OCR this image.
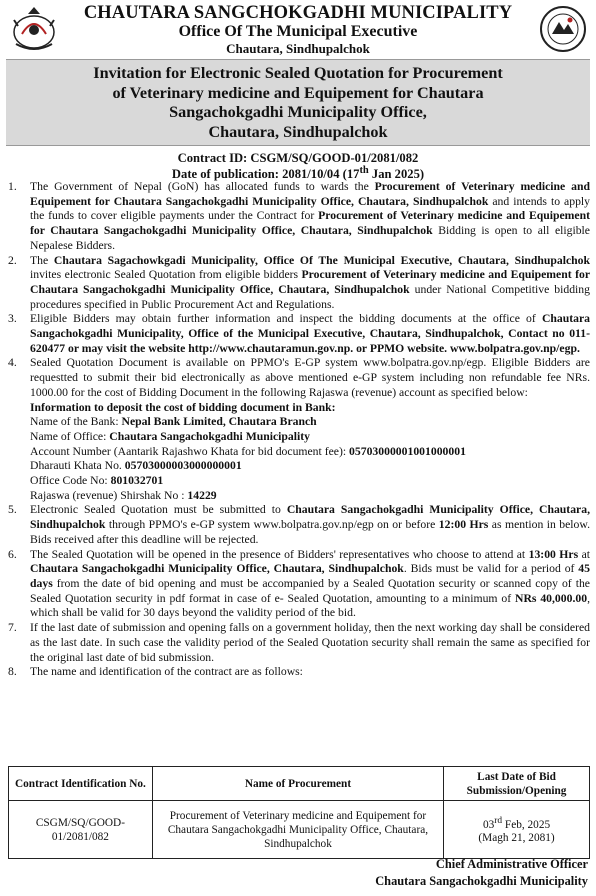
CHAUTARA SANGCHOKGADHI MUNICIPALITY
Office Of The Municipal Executive
Chautara, Sindhupalchok
Invitation for Electronic Sealed Quotation for Procurement
of Veterinary medicine and Equipement for Chautara
Sangachokgadhi Municipality Office,
Chautara, Sindhupalchok
Contract ID: CSGM/SQ/GOOD-01/2081/082
Date of publication: 2081/10/04 (17th Jan 2025)
1.	The Government of Nepal (GoN) has allocated funds to wards the Procurement of Veterinary medicine and Equipement for Chautara Sangachokgadhi Municipality Office, Chautara, Sindhupalchok and intends to apply the funds to cover eligible payments under the Contract for Procurement of Veterinary medicine and Equipement for Chautara Sangachokgadhi Municipality Office, Chautara, Sindhupalchok Bidding is open to all eligible Nepalese Bidders.
2.	The Chautara Sagachowkgadi Municipality, Office Of The Municipal Executive, Chautara, Sindhupalchok invites electronic Sealed Quotation from eligible bidders Procurement of Veterinary medicine and Equipement for Chautara Sangachokgadhi Municipality Office, Chautara, Sindhupalchok under National Competitive bidding procedures specified in Public Procurement Act and Regulations.
3.	Eligible Bidders may obtain further information and inspect the bidding documents at the office of Chautara Sangachokgadhi Municipality, Office of the Municipal Executive, Chautara, Sindhupalchok, Contact no 011-620477 or may visit the website http://www.chautaramun.gov.np. or PPMO website. www.bolpatra.gov.np/egp.
4.	Sealed Quotation Document is available on PPMO's E-GP system www.bolpatra.gov.np/egp. Eligible Bidders are requestted to submit their bid electronically as above mentioned e-GP system including non refundable fee NRs. 1000.00 for the cost of Bidding Document in the following Rajaswa (revenue) account as specified below:
Information to deposit the cost of bidding document in Bank:
Name of the Bank: Nepal Bank Limited, Chautara Branch
Name of Office: Chautara Sangachokgadhi Municipality
Account Number (Aantarik Rajashwo Khata for bid document fee): 05703000001001000001
Dharauti Khata No. 05703000003000000001
Office Code No: 801032701
Rajaswa (revenue) Shirshak No : 14229
5.	Electronic Sealed Quotation must be submitted to Chautara Sangachokgadhi Municipality Office, Chautara, Sindhupalchok through PPMO's e-GP system www.bolpatra.gov.np/egp on or before 12:00 Hrs as mention in below. Bids received after this deadline will be rejected.
6.	The Sealed Quotation will be opened in the presence of Bidders' representatives who choose to attend at 13:00 Hrs at Chautara Sangachokgadhi Municipality Office, Chautara, Sindhupalchok. Bids must be valid for a period of 45 days from the date of bid opening and must be accompanied by a Sealed Quotation security or scanned copy of the Sealed Quotation security in pdf format in case of e- Sealed Quotation, amounting to a minimum of NRs 40,000.00, which shall be valid for 30 days beyond the validity period of the bid.
7.	If the last date of submission and opening falls on a government holiday, then the next working day shall be considered as the last date. In such case the validity period of the Sealed Quotation security shall remain the same as specified for the original last date of bid submission.
8.	The name and identification of the contract are as follows:
Contract Identification No.	Name of Procurement	Last Date of Bid Submission/Opening
CSGM/SQ/GOOD-01/2081/082	Procurement of Veterinary medicine and Equipement for Chautara Sangachokgadhi Municipality Office, Chautara, Sindhupalchok	03rd Feb, 2025
(Magh 21, 2081)
Chief Administrative Officer
Chautara Sangachokgadhi Municipality
